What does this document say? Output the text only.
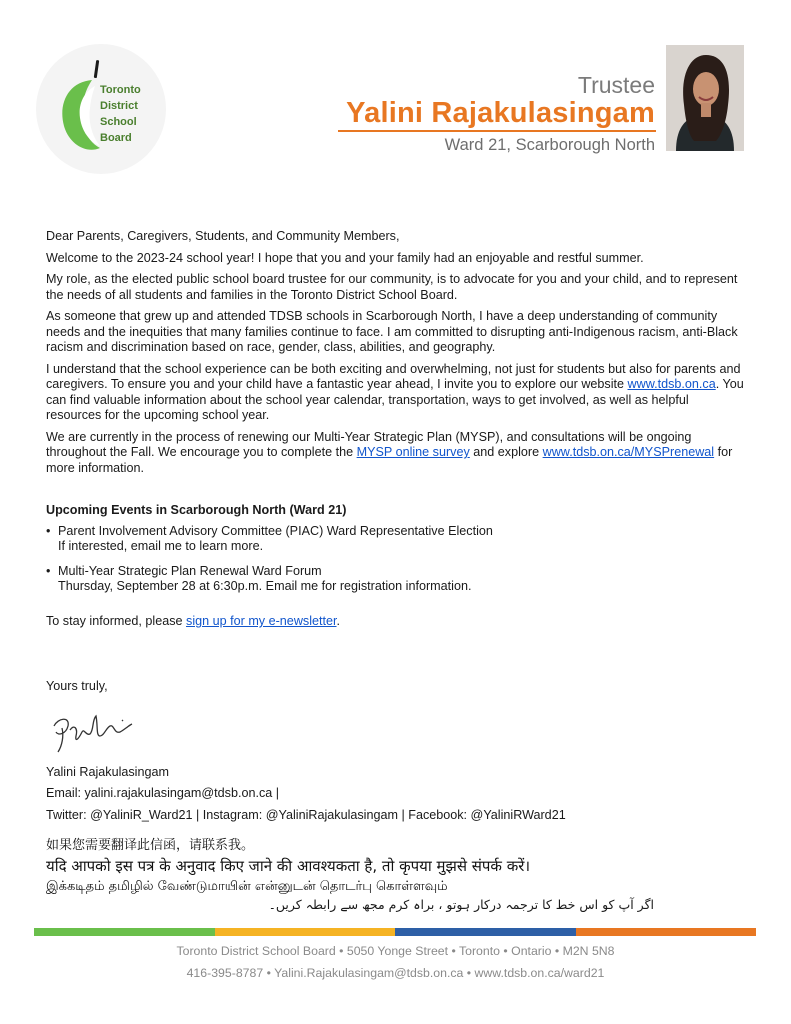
Toronto
District
School
Board
Trustee
Yalini Rajakulasingam
Ward 21, Scarborough North

Dear Parents, Caregivers, Students, and Community Members,

Welcome to the 2023-24 school year! I hope that you and your family had an enjoyable and restful summer.

My role, as the elected public school board trustee for our community, is to advocate for you and your child, and to represent the needs of all students and families in the Toronto District School Board.

As someone that grew up and attended TDSB schools in Scarborough North, I have a deep understanding of community needs and the inequities that many families continue to face. I am committed to disrupting anti-Indigenous racism, anti-Black racism and discrimination based on race, gender, class, abilities, and geography.

I understand that the school experience can be both exciting and overwhelming, not just for students but also for parents and caregivers. To ensure you and your child have a fantastic year ahead, I invite you to explore our website www.tdsb.on.ca. You can find valuable information about the school year calendar, transportation, ways to get involved, as well as helpful resources for the upcoming school year.

We are currently in the process of renewing our Multi-Year Strategic Plan (MYSP), and consultations will be ongoing throughout the Fall. We encourage you to complete the MYSP online survey and explore www.tdsb.on.ca/MYSPrenewal for more information.

Upcoming Events in Scarborough North (Ward 21)
• Parent Involvement Advisory Committee (PIAC) Ward Representative Election
If interested, email me to learn more.
• Multi-Year Strategic Plan Renewal Ward Forum
Thursday, September 28 at 6:30p.m. Email me for registration information.
To stay informed, please sign up for my e-newsletter.
Yours truly,
Yalini Rajakulasingam
Email: yalini.rajakulasingam@tdsb.on.ca |
Twitter: @YaliniR_Ward21 | Instagram: @YaliniRajakulasingam | Facebook: @YaliniRWard21
如果您需要翻译此信函，请联系我。
यदि आपको इस पत्र के अनुवाद किए जाने की आवश्यकता है, तो कृपया मुझसे संपर्क करें।
இக்கடிதம் தமிழில் வேண்டுமாயின் என்னுடன் தொடர்பு கொள்ளவும்
اگر آپ کو اس خط کا ترجمہ درکار ہوتو ، براہ کرم مجھ سے رابطہ کریں۔
Toronto District School Board • 5050 Yonge Street • Toronto • Ontario • M2N 5N8
416-395-8787 • Yalini.Rajakulasingam@tdsb.on.ca • www.tdsb.on.ca/ward21
